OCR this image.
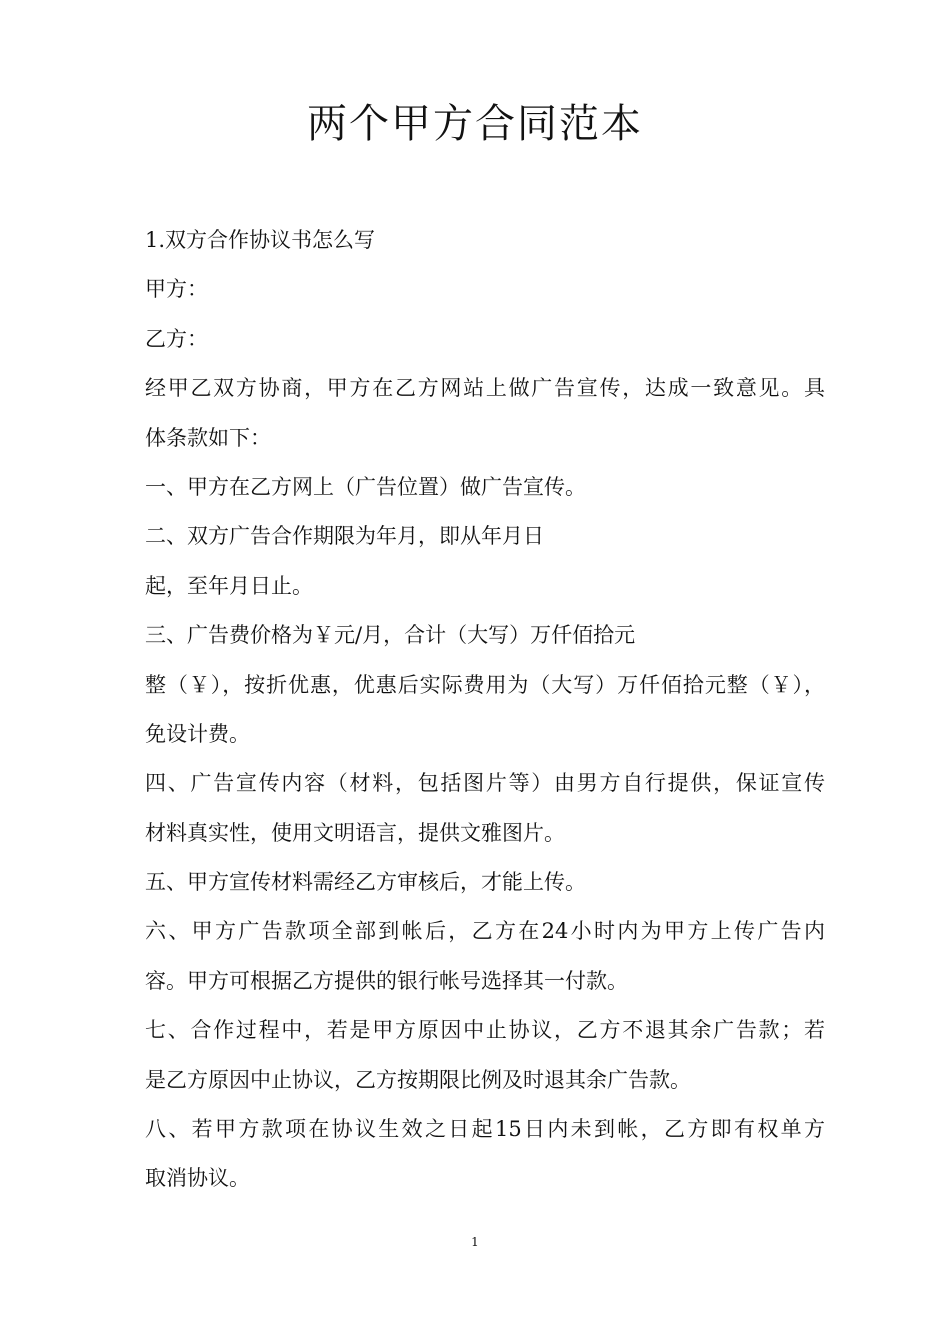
两个甲方合同范本
1.双方合作协议书怎么写
甲方：
乙方：
经甲乙双方协商，甲方在乙方网站上做广告宣传，达成一致意见。具
体条款如下：
一、甲方在乙方网上（广告位置）做广告宣传。
二、双方广告合作期限为年月，即从年月日
起，至年月日止。
三、广告费价格为￥元/月，合计（大写）万仟佰拾元
整（￥），按折优惠，优惠后实际费用为（大写）万仟佰拾元整（￥），
免设计费。
四、广告宣传内容（材料，包括图片等）由男方自行提供，保证宣传
材料真实性，使用文明语言，提供文雅图片。
五、甲方宣传材料需经乙方审核后，才能上传。
六、甲方广告款项全部到帐后，乙方在24小时内为甲方上传广告内
容。甲方可根据乙方提供的银行帐号选择其一付款。
七、合作过程中，若是甲方原因中止协议，乙方不退其余广告款；若
是乙方原因中止协议，乙方按期限比例及时退其余广告款。
八、若甲方款项在协议生效之日起15日内未到帐，乙方即有权单方
取消协议。
1
